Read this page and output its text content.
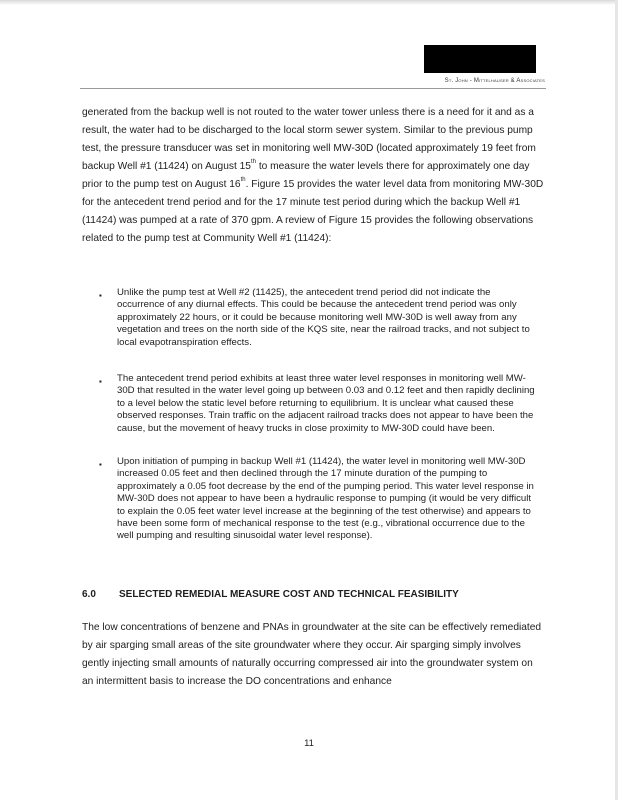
St. John - Mittelhauser & Associates
generated from the backup well is not routed to the water tower unless there is a need for it and as a result, the water had to be discharged to the local storm sewer system. Similar to the previous pump test, the pressure transducer was set in monitoring well MW-30D (located approximately 19 feet from backup Well #1 (11424) on August 15th to measure the water levels there for approximately one day prior to the pump test on August 16th. Figure 15 provides the water level data from monitoring MW-30D for the antecedent trend period and for the 17 minute test period during which the backup Well #1 (11424) was pumped at a rate of 370 gpm. A review of Figure 15 provides the following observations related to the pump test at Community Well #1 (11424):
▪ Unlike the pump test at Well #2 (11425), the antecedent trend period did not indicate the occurrence of any diurnal effects. This could be because the antecedent trend period was only approximately 22 hours, or it could be because monitoring well MW-30D is well away from any vegetation and trees on the north side of the KQS site, near the railroad tracks, and not subject to local evapotranspiration effects.
▪ The antecedent trend period exhibits at least three water level responses in monitoring well MW-30D that resulted in the water level going up between 0.03 and 0.12 feet and then rapidly declining to a level below the static level before returning to equilibrium. It is unclear what caused these observed responses. Train traffic on the adjacent railroad tracks does not appear to have been the cause, but the movement of heavy trucks in close proximity to MW-30D could have been.
▪ Upon initiation of pumping in backup Well #1 (11424), the water level in monitoring well MW-30D increased 0.05 feet and then declined through the 17 minute duration of the pumping to approximately a 0.05 foot decrease by the end of the pumping period. This water level response in MW-30D does not appear to have been a hydraulic response to pumping (it would be very difficult to explain the 0.05 feet water level increase at the beginning of the test otherwise) and appears to have been some form of mechanical response to the test (e.g., vibrational occurrence due to the well pumping and resulting sinusoidal water level response).
6.0 SELECTED REMEDIAL MEASURE COST AND TECHNICAL FEASIBILITY
The low concentrations of benzene and PNAs in groundwater at the site can be effectively remediated by air sparging small areas of the site groundwater where they occur. Air sparging simply involves gently injecting small amounts of naturally occurring compressed air into the groundwater system on an intermittent basis to increase the DO concentrations and enhance
11
